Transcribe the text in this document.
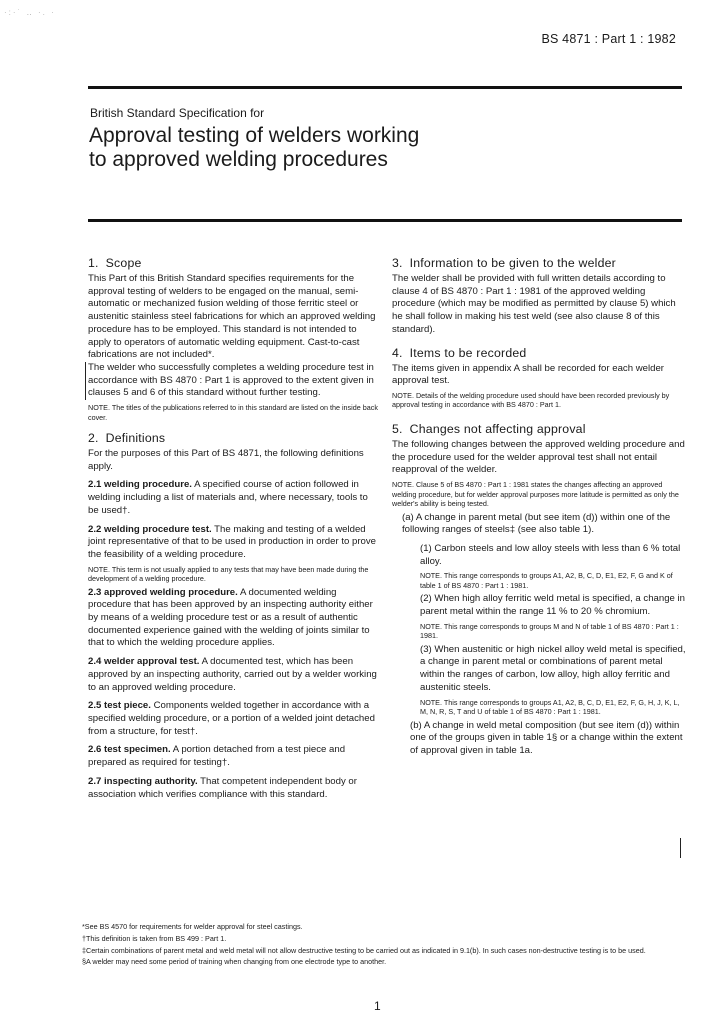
·:·˙ ‥ ·. ·
BS 4871 : Part 1 : 1982
British Standard Specification for
Approval testing of welders working
to approved welding procedures
1. Scope

This Part of this British Standard specifies requirements for the approval testing of welders to be engaged on the manual, semi-automatic or mechanized fusion welding of those ferritic steel or austenitic stainless steel fabrications for which an approved welding procedure has to be employed. This standard is not intended to apply to operators of automatic welding equipment. Cast-to-cast fabrications are not included*.

The welder who successfully completes a welding procedure test in accordance with BS 4870 : Part 1 is approved to the extent given in clauses 5 and 6 of this standard without further testing.

NOTE. The titles of the publications referred to in this standard are listed on the inside back cover.

2. Definitions

For the purposes of this Part of BS 4871, the following definitions apply.

2.1 welding procedure. A specified course of action followed in welding including a list of materials and, where necessary, tools to be used†.

2.2 welding procedure test. The making and testing of a welded joint representative of that to be used in production in order to prove the feasibility of a welding procedure.

NOTE. This term is not usually applied to any tests that may have been made during the development of a welding procedure.

2.3 approved welding procedure. A documented welding procedure that has been approved by an inspecting authority either by means of a welding procedure test or as a result of authentic documented experience gained with the welding of joints similar to that to which the welding procedure applies.

2.4 welder approval test. A documented test, which has been approved by an inspecting authority, carried out by a welder working to an approved welding procedure.

2.5 test piece. Components welded together in accordance with a specified welding procedure, or a portion of a welded joint detached from a structure, for test†.

2.6 test specimen. A portion detached from a test piece and prepared as required for testing†.

2.7 inspecting authority. That competent independent body or association which verifies compliance with this standard.

3. Information to be given to the welder

The welder shall be provided with full written details according to clause 4 of BS 4870 : Part 1 : 1981 of the approved welding procedure (which may be modified as permitted by clause 5) which he shall follow in making his test weld (see also clause 8 of this standard).

4. Items to be recorded

The items given in appendix A shall be recorded for each welder approval test.

NOTE. Details of the welding procedure used should have been recorded previously by approval testing in accordance with BS 4870 : Part 1.

5. Changes not affecting approval

The following changes between the approved welding procedure and the procedure used for the welder approval test shall not entail reapproval of the welder.

NOTE. Clause 5 of BS 4870 : Part 1 : 1981 states the changes affecting an approved welding procedure, but for welder approval purposes more latitude is permitted as only the welder's ability is being tested.

(a) A change in parent metal (but see item (d)) within one of the following ranges of steels‡ (see also table 1).

(1) Carbon steels and low alloy steels with less than 6 % total alloy.

NOTE. This range corresponds to groups A1, A2, B, C, D, E1, E2, F, G and K of table 1 of BS 4870 : Part 1 : 1981.

(2) When high alloy ferritic weld metal is specified, a change in parent metal within the range 11 % to 20 % chromium.

NOTE. This range corresponds to groups M and N of table 1 of BS 4870 : Part 1 : 1981.

(3) When austenitic or high nickel alloy weld metal is specified, a change in parent metal or combinations of parent metal within the ranges of carbon, low alloy, high alloy ferritic and austenitic steels.

NOTE. This range corresponds to groups A1, A2, B, C, D, E1, E2, F, G, H, J, K, L, M, N, R, S, T and U of table 1 of BS 4870 : Part 1 : 1981.

(b) A change in weld metal composition (but see item (d)) within one of the groups given in table 1§ or a change within the extent of approval given in table 1a.

*See BS 4570 for requirements for welder approval for steel castings.

†This definition is taken from BS 499 : Part 1.

‡Certain combinations of parent metal and weld metal will not allow destructive testing to be carried out as indicated in 9.1(b). In such cases non-destructive testing is to be used.

§A welder may need some period of training when changing from one electrode type to another.

1
